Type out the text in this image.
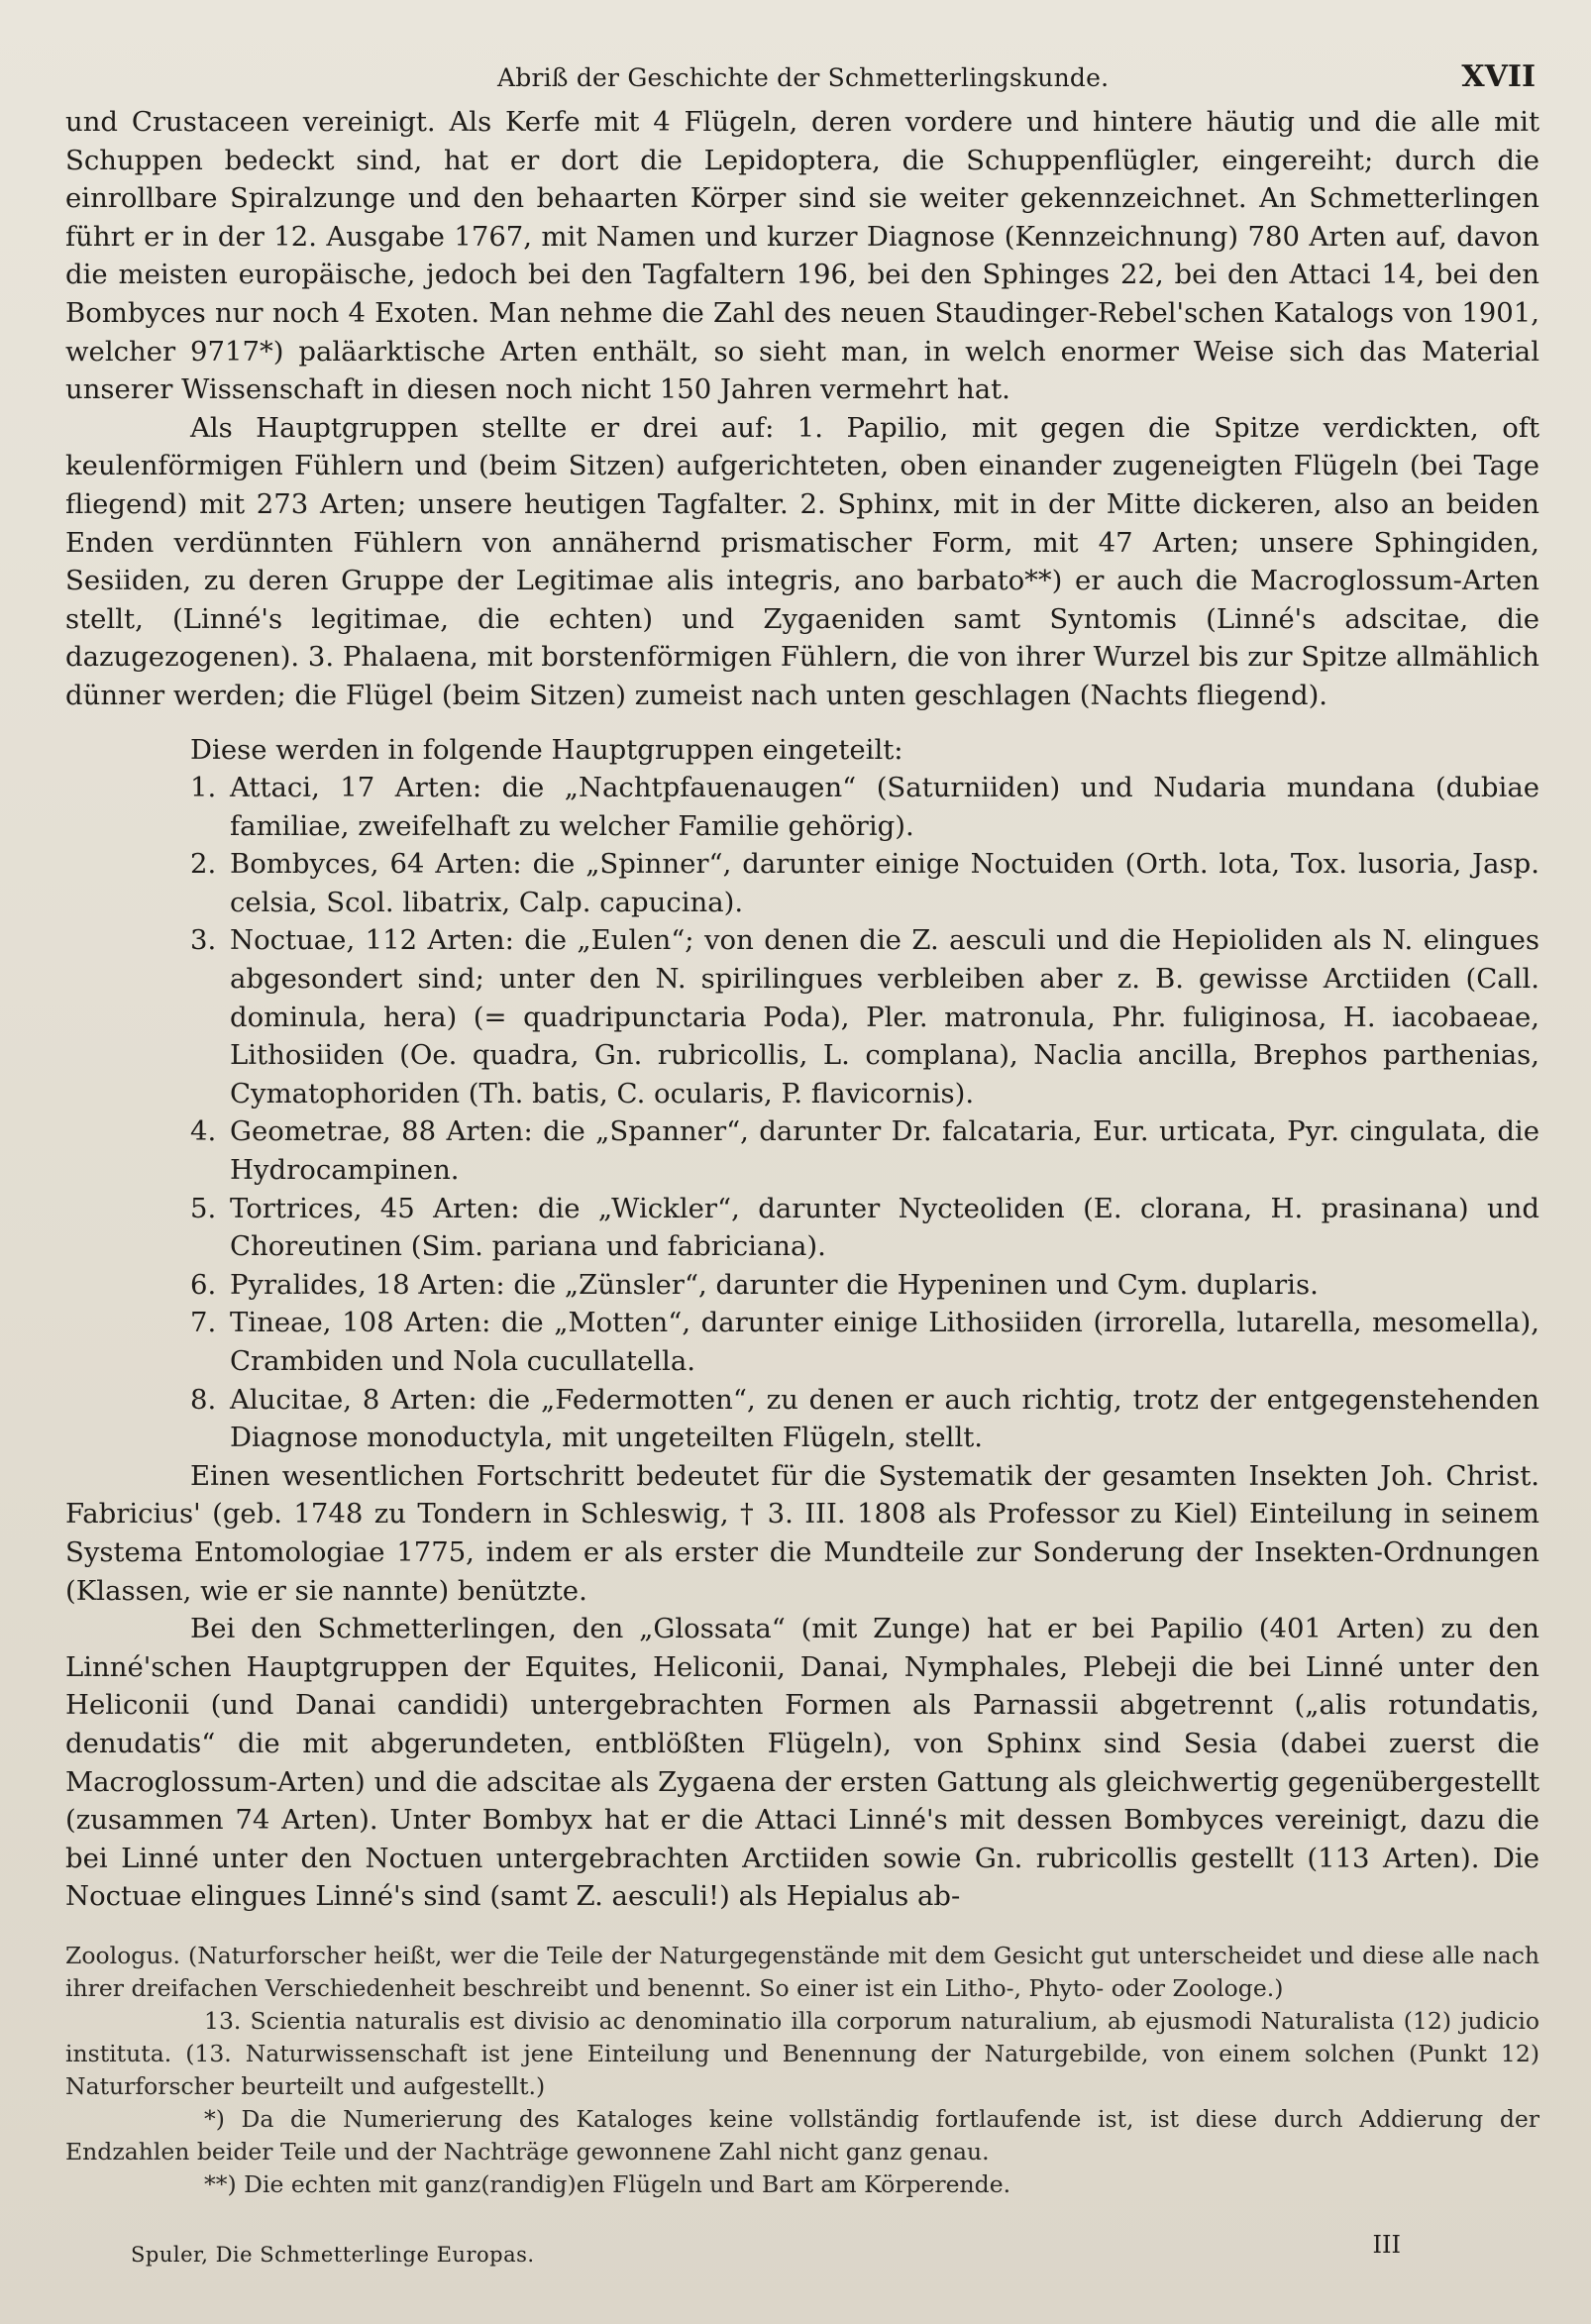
Abriß der Geschichte der Schmetterlingskunde.	XVII

und Crustaceen vereinigt. Als Kerfe mit 4 Flügeln, deren vordere und hintere häutig und die alle mit Schuppen bedeckt sind, hat er dort die Lepidoptera, die Schuppenflügler, eingereiht; durch die einrollbare Spiralzunge und den behaarten Körper sind sie weiter gekennzeichnet. An Schmetterlingen führt er in der 12. Ausgabe 1767, mit Namen und kurzer Diagnose (Kennzeichnung) 780 Arten auf, davon die meisten europäische, jedoch bei den Tagfaltern 196, bei den Sphinges 22, bei den Attaci 14, bei den Bombyces nur noch 4 Exoten. Man nehme die Zahl des neuen Staudinger-Rebel'schen Katalogs von 1901, welcher 9717*) paläarktische Arten enthält, so sieht man, in welch enormer Weise sich das Material unserer Wissenschaft in diesen noch nicht 150 Jahren vermehrt hat.

Als Hauptgruppen stellte er drei auf: 1. Papilio, mit gegen die Spitze verdickten, oft keulenförmigen Fühlern und (beim Sitzen) aufgerichteten, oben einander zugeneigten Flügeln (bei Tage fliegend) mit 273 Arten; unsere heutigen Tagfalter. 2. Sphinx, mit in der Mitte dickeren, also an beiden Enden verdünnten Fühlern von annähernd prismatischer Form, mit 47 Arten; unsere Sphingiden, Sesiiden, zu deren Gruppe der Legitimae alis integris, ano barbato**) er auch die Macroglossum-Arten stellt, (Linné's legitimae, die echten) und Zygaeniden samt Syntomis (Linné's adscitae, die dazugezogenen). 3. Phalaena, mit borstenförmigen Fühlern, die von ihrer Wurzel bis zur Spitze allmählich dünner werden; die Flügel (beim Sitzen) zumeist nach unten geschlagen (Nachts fliegend).

Diese werden in folgende Hauptgruppen eingeteilt:

1. Attaci, 17 Arten: die „Nachtpfauenaugen“ (Saturniiden) und Nudaria mundana (dubiae familiae, zweifelhaft zu welcher Familie gehörig).
2. Bombyces, 64 Arten: die „Spinner“, darunter einige Noctuiden (Orth. lota, Tox. lusoria, Jasp. celsia, Scol. libatrix, Calp. capucina).
3. Noctuae, 112 Arten: die „Eulen“; von denen die Z. aesculi und die Hepioliden als N. elingues abgesondert sind; unter den N. spirilingues verbleiben aber z. B. gewisse Arctiiden (Call. dominula, hera) (= quadripunctaria Poda), Pler. matronula, Phr. fuliginosa, H. iacobaeae, Lithosiiden (Oe. quadra, Gn. rubricollis, L. complana), Naclia ancilla, Brephos parthenias, Cymatophoriden (Th. batis, C. ocularis, P. flavicornis).
4. Geometrae, 88 Arten: die „Spanner“, darunter Dr. falcataria, Eur. urticata, Pyr. cingulata, die Hydrocampinen.
5. Tortrices, 45 Arten: die „Wickler“, darunter Nycteoliden (E. clorana, H. prasinana) und Choreutinen (Sim. pariana und fabriciana).
6. Pyralides, 18 Arten: die „Zünsler“, darunter die Hypeninen und Cym. duplaris.
7. Tineae, 108 Arten: die „Motten“, darunter einige Lithosiiden (irrorella, lutarella, mesomella), Crambiden und Nola cucullatella.
8. Alucitae, 8 Arten: die „Federmotten“, zu denen er auch richtig, trotz der entgegenstehenden Diagnose monoductyla, mit ungeteilten Flügeln, stellt.

Einen wesentlichen Fortschritt bedeutet für die Systematik der gesamten Insekten Joh. Christ. Fabricius' (geb. 1748 zu Tondern in Schleswig, † 3. III. 1808 als Professor zu Kiel) Einteilung in seinem Systema Entomologiae 1775, indem er als erster die Mundteile zur Sonderung der Insekten-Ordnungen (Klassen, wie er sie nannte) benützte.

Bei den Schmetterlingen, den „Glossata“ (mit Zunge) hat er bei Papilio (401 Arten) zu den Linné'schen Hauptgruppen der Equites, Heliconii, Danai, Nymphales, Plebeji die bei Linné unter den Heliconii (und Danai candidi) untergebrachten Formen als Parnassii abgetrennt („alis rotundatis, denudatis“ die mit abgerundeten, entblößten Flügeln), von Sphinx sind Sesia (dabei zuerst die Macroglossum-Arten) und die adscitae als Zygaena der ersten Gattung als gleichwertig gegenübergestellt (zusammen 74 Arten). Unter Bombyx hat er die Attaci Linné's mit dessen Bombyces vereinigt, dazu die bei Linné unter den Noctuen untergebrachten Arctiiden sowie Gn. rubricollis gestellt (113 Arten). Die Noctuae elingues Linné's sind (samt Z. aesculi!) als Hepialus ab-

Zoologus. (Naturforscher heißt, wer die Teile der Naturgegenstände mit dem Gesicht gut unterscheidet und diese alle nach ihrer dreifachen Verschiedenheit beschreibt und benennt. So einer ist ein Litho-, Phyto- oder Zoologe.)

13. Scientia naturalis est divisio ac denominatio illa corporum naturalium, ab ejusmodi Naturalista (12) judicio instituta. (13. Naturwissenschaft ist jene Einteilung und Benennung der Naturgebilde, von einem solchen (Punkt 12) Naturforscher beurteilt und aufgestellt.)

*) Da die Numerierung des Kataloges keine vollständig fortlaufende ist, ist diese durch Addierung der Endzahlen beider Teile und der Nachträge gewonnene Zahl nicht ganz genau.

**) Die echten mit ganz(randig)en Flügeln und Bart am Körperende.

Spuler, Die Schmetterlinge Europas.	III
